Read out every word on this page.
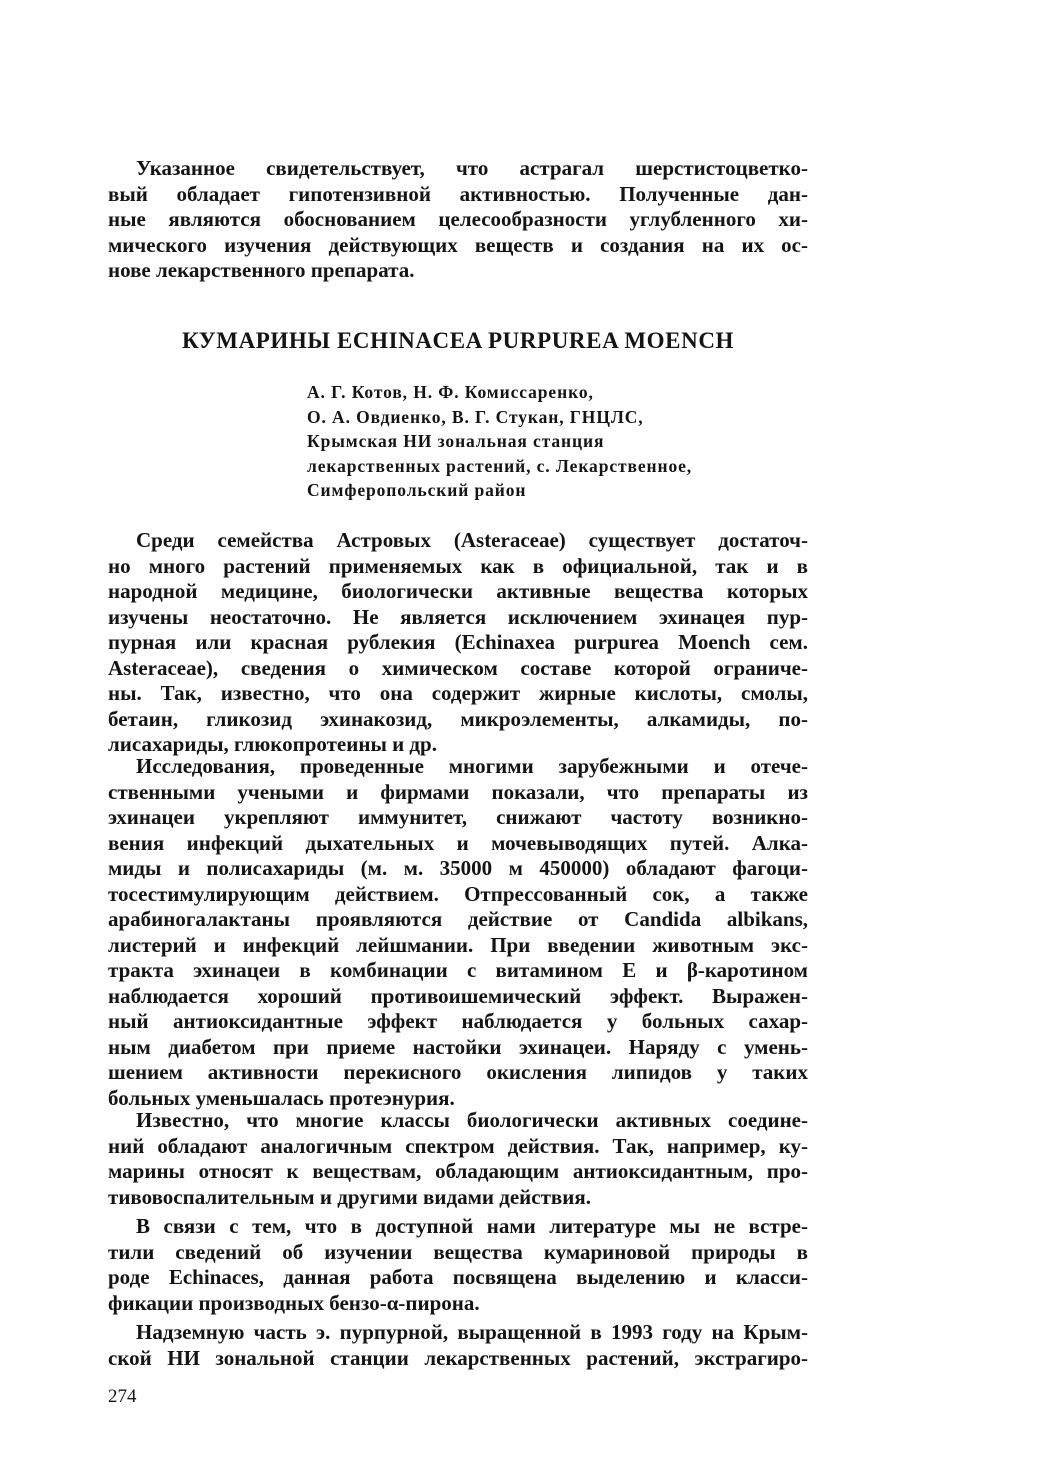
Указанное свидетельствует, что астрагал шерстистоцветко-
вый обладает гипотензивной активностью. Полученные дан-
ные являются обоснованием целесообразности углубленного хи-
мического изучения действующих веществ и создания на их ос-
нове лекарственного препарата.
КУМАРИНЫ ECHINACEA PURPUREA MOENCH
А. Г. Котов, Н. Ф. Комиссаренко,
О. А. Овдиенко, В. Г. Стукан, ГНЦЛС,
Крымская НИ зональная станция
лекарственных растений, с. Лекарственное,
Симферопольский район
Среди семейства Астровых (Asteraceae) существует достаточ-
но много растений применяемых как в официальной, так и в
народной медицине, биологически активные вещества которых
изучены неостаточно. Не является исключением эхинацея пур-
пурная или красная рублекия (Echinaxea purpurea Moench сем.
Asteraceae), сведения о химическом составе которой ограниче-
ны. Так, известно, что она содержит жирные кислоты, смолы,
бетаин, гликозид эхинакозид, микроэлементы, алкамиды, по-
лисахариды, глюкопротеины и др.
Исследования, проведенные многими зарубежными и отече-
ственными учеными и фирмами показали, что препараты из
эхинацеи укрепляют иммунитет, снижают частоту возникно-
вения инфекций дыхательных и мочевыводящих путей. Алка-
миды и полисахариды (м. м. 35000 м 450000) обладают фагоци-
тосестимулирующим действием. Отпрессованный сок, а также
арабиногалактаны проявляются действие от Candida albikans,
листерий и инфекций лейшмании. При введении животным экс-
тракта эхинацеи в комбинации с витамином Е и β-каротином
наблюдается хороший противоишемический эффект. Выражен-
ный антиоксидантные эффект наблюдается у больных сахар-
ным диабетом при приеме настойки эхинацеи. Наряду с умень-
шением активности перекисного окисления липидов у таких
больных уменьшалась протеэнурия.
Известно, что многие классы биологически активных соедине-
ний обладают аналогичным спектром действия. Так, например, ку-
марины относят к веществам, обладающим антиоксидантным, про-
тивовоспалительным и другими видами действия.
В связи с тем, что в доступной нами литературе мы не встре-
тили сведений об изучении вещества кумариновой природы в
роде Echinaces, данная работа посвящена выделению и класси-
фикации производных бензо-α-пирона.
Надземную часть э. пурпурной, выращенной в 1993 году на Крым-
ской НИ зональной станции лекарственных растений, экстрагиро-
274
